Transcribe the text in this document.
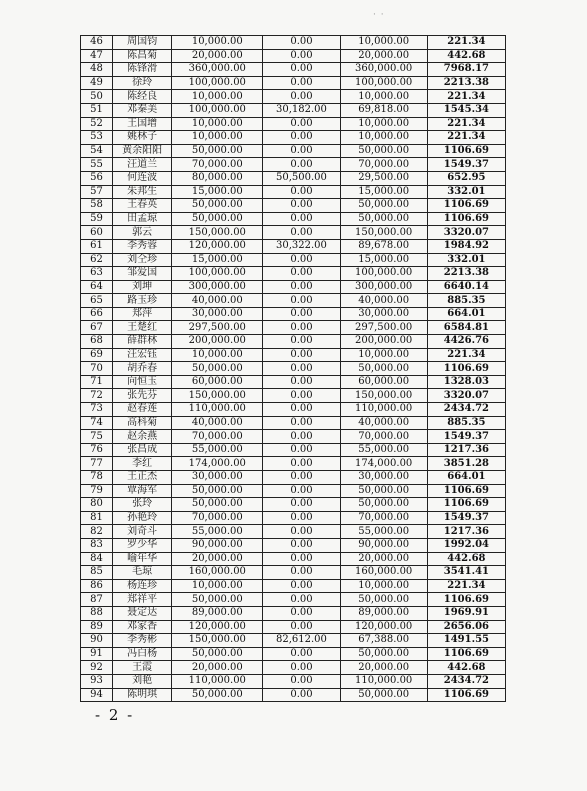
· ·
46	周国钧	10,000.00	0.00	10,000.00	221.34
47	陈昌菊	20,000.00	0.00	20,000.00	442.68
48	陈锋滑	360,000.00	0.00	360,000.00	7968.17
49	徐玲	100,000.00	0.00	100,000.00	2213.38
50	陈经良	10,000.00	0.00	10,000.00	221.34
51	邓秦美	100,000.00	30,182.00	69,818.00	1545.34
52	王国增	10,000.00	0.00	10,000.00	221.34
53	姚林子	10,000.00	0.00	10,000.00	221.34
54	黄余阳阳	50,000.00	0.00	50,000.00	1106.69
55	汪道兰	70,000.00	0.00	70,000.00	1549.37
56	何连波	80,000.00	50,500.00	29,500.00	652.95
57	朱邦生	15,000.00	0.00	15,000.00	332.01
58	王春英	50,000.00	0.00	50,000.00	1106.69
59	田孟琼	50,000.00	0.00	50,000.00	1106.69
60	郭云	150,000.00	0.00	150,000.00	3320.07
61	李秀蓉	120,000.00	30,322.00	89,678.00	1984.92
62	刘仝珍	15,000.00	0.00	15,000.00	332.01
63	邹爱国	100,000.00	0.00	100,000.00	2213.38
64	刘坤	300,000.00	0.00	300,000.00	6640.14
65	路玉珍	40,000.00	0.00	40,000.00	885.35
66	郑萍	30,000.00	0.00	30,000.00	664.01
67	王楚红	297,500.00	0.00	297,500.00	6584.81
68	薛群林	200,000.00	0.00	200,000.00	4426.76
69	汪宏钰	10,000.00	0.00	10,000.00	221.34
70	胡乔春	50,000.00	0.00	50,000.00	1106.69
71	向恒玉	60,000.00	0.00	60,000.00	1328.03
72	张先芬	150,000.00	0.00	150,000.00	3320.07
73	赵春莲	110,000.00	0.00	110,000.00	2434.72
74	高科菊	40,000.00	0.00	40,000.00	885.35
75	赵余燕	70,000.00	0.00	70,000.00	1549.37
76	张昌成	55,000.00	0.00	55,000.00	1217.36
77	李红	174,000.00	0.00	174,000.00	3851.28
78	王正杰	30,000.00	0.00	30,000.00	664.01
79	覃海军	50,000.00	0.00	50,000.00	1106.69
80	张玲	50,000.00	0.00	50,000.00	1106.69
81	孙艳玲	70,000.00	0.00	70,000.00	1549.37
82	刘奇斗	55,000.00	0.00	55,000.00	1217.36
83	罗少华	90,000.00	0.00	90,000.00	1992.04
84	喻年华	20,000.00	0.00	20,000.00	442.68
85	毛琼	160,000.00	0.00	160,000.00	3541.41
86	杨连珍	10,000.00	0.00	10,000.00	221.34
87	郑祥平	50,000.00	0.00	50,000.00	1106.69
88	聂定达	89,000.00	0.00	89,000.00	1969.91
89	邓家香	120,000.00	0.00	120,000.00	2656.06
90	李秀彬	150,000.00	82,612.00	67,388.00	1491.55
91	冯白杨	50,000.00	0.00	50,000.00	1106.69
92	王霞	20,000.00	0.00	20,000.00	442.68
93	刘艳	110,000.00	0.00	110,000.00	2434.72
94	陈明琪	50,000.00	0.00	50,000.00	1106.69
- 2 -
